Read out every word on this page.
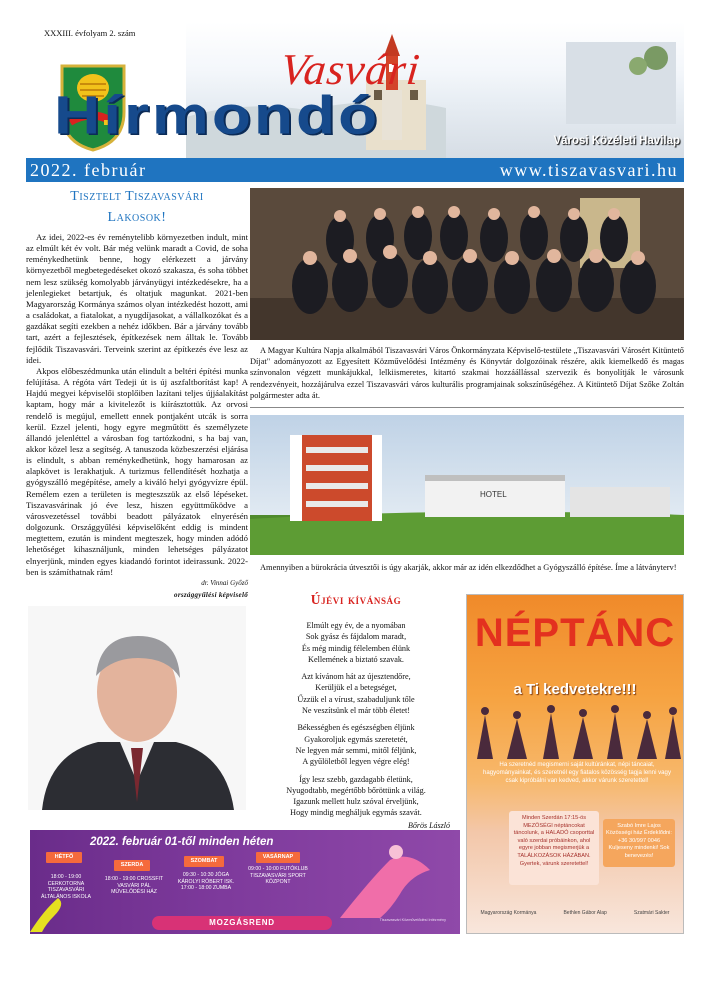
XXXIII. évfolyam 2. szám
Vasvári
Hírmondó	Városi Közéleti Havilap
2022. február	www.tiszavasvari.hu
Tisztelt Tiszavasvári
Lakosok!

Az idei, 2022-es év reménytelibb környezetben indult, mint az elmúlt két év volt. Bár még velünk maradt a Covid, de soha reménykedhetünk benne, hogy elérkezett a járvány környezetből megbetegedéseket okozó szakasza, és soha többet nem lesz szükség komolyabb járványügyi intézkedésekre, ha a jelenlegieket betartjuk, és oltatjuk magunkat. 2021-ben Magyarország Kormánya számos olyan intézkedést hozott, ami a családokat, a fiatalokat, a nyugdíjasokat, a vállalkozókat és a gazdákat segíti ezekben a nehéz időkben. Bár a járvány tovább tart, azért a fejlesztések, építkezések nem álltak le. Tovább fejlődik Tiszavasvári. Terveink szerint az építkezés éve lesz az idei.

Akpos előbeszédmunka után elindult a beltéri építési munka felújítása. A régóta várt Tedeji út is új aszfaltborítást kap! A Hajdú megyei képviselői stoplőiben lazítani teljes újjáalakítást kaptam, hogy már a kivitelezőt is kiírásztottük. Az orvosi rendelő is megújul, emellett ennek pontjaként utcák is sorra kerül. Ezzel jelenti, hogy egyre megműtött és személyzete állandó jelenléttel a városban fog tartózkodni, s ha baj van, akkor közel lesz a segítség. A tanuszoda közbeszerzési eljárása is elindult, s abban reménykedhetünk, hogy hamarosan az alapkövet is lerakhatjuk. A turizmus fellendítését hozhatja a gyógyszálló megépítése, amely a kiváló helyi gyógyvízre épül. Remélem ezen a területen is megteszszük az első lépéseket. Tiszavasvárinak jó éve lesz, hiszen együttműködve a városvezetéssel további beadott pályázatok elnyerésén dolgozunk. Országgyűlési képviselőként eddig is mindent megtettem, ezután is mindent megteszek, hogy minden adódó lehetőséget kihasználjunk, minden lehetséges pályázatot elnyerjünk, minden egyes kiadandó forintot ideirassunk. 2022-ben is számíthatnak rám!

dr. Vinnai Győző
országgyűlési képviselő
A Magyar Kultúra Napja alkalmából Tiszavasvári Város Önkormányzata Képviselő-testülete „Tiszavasvári Városért Kitüntető Díjat" adományozott az Egyesített Közművelődési Intézmény és Könyvtár dolgozóinak részére, akik kiemelkedő és magas színvonalon végzett munkájukkal, lelkiismeretes, kitartó szakmai hozzáállással szervezik és bonyolítják le városunk rendezvényeit, hozzájárulva ezzel Tiszavasvári város kulturális programjainak sokszínűségéhez. A Kitüntető Díjat Szőke Zoltán polgármester adta át.
HOTEL
Amennyiben a bürokrácia útvesztői is úgy akarják, akkor már az idén elkezdődhet a Gyógyszálló építése. Íme a látványterv!
Újévi kívánság
Elmúlt egy év, de a nyomában
Sok gyász és fájdalom maradt,
És még mindig félelemben élünk
Kellemének a biztató szavak.
Azt kívánom hát az újesztendőre,
Kerüljük el a betegséget,
Űzzük el a vírust, szabaduljunk tőle
Ne veszítsünk el már több életet!
Békességben és egészségben éljünk
Gyakoroljuk egymás szeretetét,
Ne legyen már semmi, mitől féljünk,
A gyűlöletből legyen végre elég!
Így lesz szebb, gazdagabb életünk,
Nyugodtabb, megértőbb bőröttünk a világ.
Igazunk mellett hulz szóval érveljünk,
Hogy mindig megháljuk egymás szavát.
Bőrös László
NÉPTÁNC
a Ti kedvetekre!!!
Ha szeretnéd megismerni saját kultúránkat, népi táncaiat, hagyományainkat, és szeretnél egy fiatalos közösség tagja lenni vagy csak kipróbálni van kedved, akkor várunk szeretettel!
Minden Szerdán 17:15-ös MEZŐSÉGI néptáncokat táncolunk, a HALADÓ csoporttal való szerdai próbáinkon, ahol egyre jobban megismerjük a TALÁLKOZÁSOK HÁZÁBAN. Gyertek, várunk szeretettel!
Szabó Imre Lajos Közösségi ház Érdeklődni: +36 30/997 0046 Kuljeseny mindenki! Sok benevezés!
Magyarország Kormánya	Bethlen Gábor Alap	Szatmári Sakter
2022. február 01-től minden héten
HÉTFŐ
SZERDA
SZOMBAT
VASÁRNAP
18:00 - 19:00 CERKOTORNA TISZAVASVÁRI ÁLTALÁNOS ISKOLA
18:00 - 19:00 CROSSFIT VASVÁRI PÁL MÚVELŐDÉSI HÁZ
09:30 - 10:30 JÓGA KÁROLYI RÓBERT ISK. 17:00 - 18:00 ZUMBA
09:00 - 10:00 FUTÓKLUB TISZAVASVÁRI SPORT KÖZPONT
MOZGÁSREND	Tiszavasvári Közművelődési Intézmény
